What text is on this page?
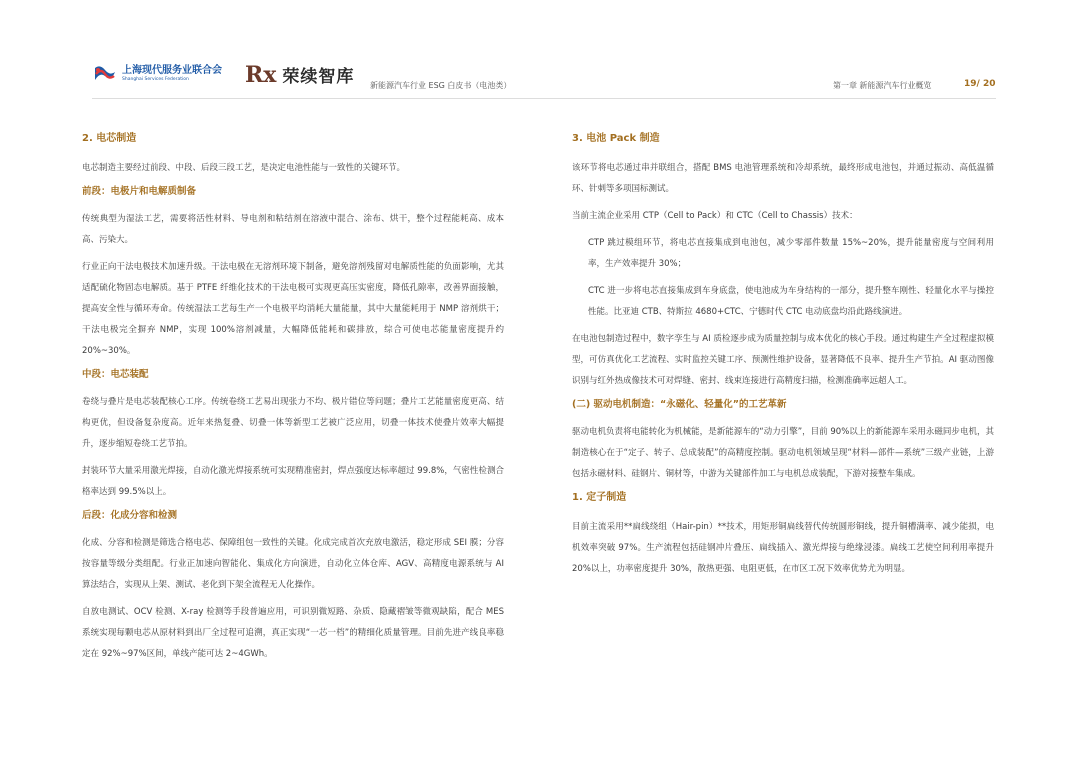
上海现代服务业联合会
Shanghai Services Federation	Rx 荣续智库 新能源汽车行业 ESG 白皮书（电池类）	第一章 新能源汽车行业概览	19/ 20
2. 电芯制造
电芯制造主要经过前段、中段、后段三段工艺，是决定电池性能与一致性的关键环节。
前段：电极片和电解质制备
传统典型为湿法工艺，需要将活性材料、导电剂和粘结剂在溶液中混合、涂布、烘干，整个过程能耗高、成本高、污染大。
行业正向干法电极技术加速升级。干法电极在无溶剂环境下制备，避免溶剂残留对电解质性能的负面影响，尤其适配硫化物固态电解质。基于 PTFE 纤维化技术的干法电极可实现更高压实密度，降低孔隙率，改善界面接触，提高安全性与循环寿命。传统湿法工艺每生产一个电极平均消耗大量能量，其中大量能耗用于 NMP 溶剂烘干；干法电极完全摒弃 NMP，实现 100%溶剂减量，大幅降低能耗和碳排放，综合可使电芯能量密度提升约 20%~30%。
中段：电芯装配
卷绕与叠片是电芯装配核心工序。传统卷绕工艺易出现张力不均、极片错位等问题；叠片工艺能量密度更高、结构更优，但设备复杂度高。近年来热复叠、切叠一体等新型工艺被广泛应用，切叠一体技术使叠片效率大幅提升，逐步缩短卷绕工艺节拍。
封装环节大量采用激光焊接，自动化激光焊接系统可实现精准密封，焊点强度达标率超过 99.8%，气密性检测合格率达到 99.5%以上。
后段：化成分容和检测
化成、分容和检测是筛选合格电芯、保障组包一致性的关键。化成完成首次充放电激活，稳定形成 SEI 膜；分容按容量等级分类组配。行业正加速向智能化、集成化方向演进，自动化立体仓库、AGV、高精度电源系统与 AI 算法结合，实现从上架、测试、老化到下架全流程无人化操作。
自放电测试、OCV 检测、X-ray 检测等手段普遍应用，可识别微短路、杂质、隐藏褶皱等微观缺陷，配合 MES 系统实现每颗电芯从原材料到出厂全过程可追溯，真正实现“一芯一档”的精细化质量管理。目前先进产线良率稳定在 92%~97%区间，单线产能可达 2~4GWh。
3. 电池 Pack 制造
该环节将电芯通过串并联组合，搭配 BMS 电池管理系统和冷却系统，最终形成电池包，并通过振动、高低温循环、针刺等多项国标测试。
当前主流企业采用 CTP（Cell to Pack）和 CTC（Cell to Chassis）技术：
CTP 跳过模组环节，将电芯直接集成到电池包，减少零部件数量 15%~20%，提升能量密度与空间利用率，生产效率提升 30%；
CTC 进一步将电芯直接集成到车身底盘，使电池成为车身结构的一部分，提升整车刚性、轻量化水平与操控性能。比亚迪 CTB、特斯拉 4680+CTC、宁德时代 CTC 电动底盘均沿此路线演进。
在电池包制造过程中，数字孪生与 AI 质检逐步成为质量控制与成本优化的核心手段。通过构建生产全过程虚拟模型，可仿真优化工艺流程、实时监控关键工序、预测性维护设备，显著降低不良率、提升生产节拍。AI 驱动图像识别与红外热成像技术可对焊缝、密封、线束连接进行高精度扫描，检测准确率远超人工。
(二) 驱动电机制造：“永磁化、轻量化”的工艺革新
驱动电机负责将电能转化为机械能，是新能源车的“动力引擎”，目前 90%以上的新能源车采用永磁同步电机，其制造核心在于“定子、转子、总成装配”的高精度控制。驱动电机领域呈现“材料—部件—系统”三级产业链，上游包括永磁材料、硅钢片、铜材等，中游为关键部件加工与电机总成装配，下游对接整车集成。
1. 定子制造
目前主流采用**扁线绕组（Hair-pin）**技术，用矩形铜扁线替代传统圆形铜线，提升铜槽满率、减少能损，电机效率突破 97%。生产流程包括硅钢冲片叠压、扁线插入、激光焊接与绝缘浸漆。扁线工艺使空间利用率提升 20%以上，功率密度提升 30%，散热更强、电阻更低，在市区工况下效率优势尤为明显。
